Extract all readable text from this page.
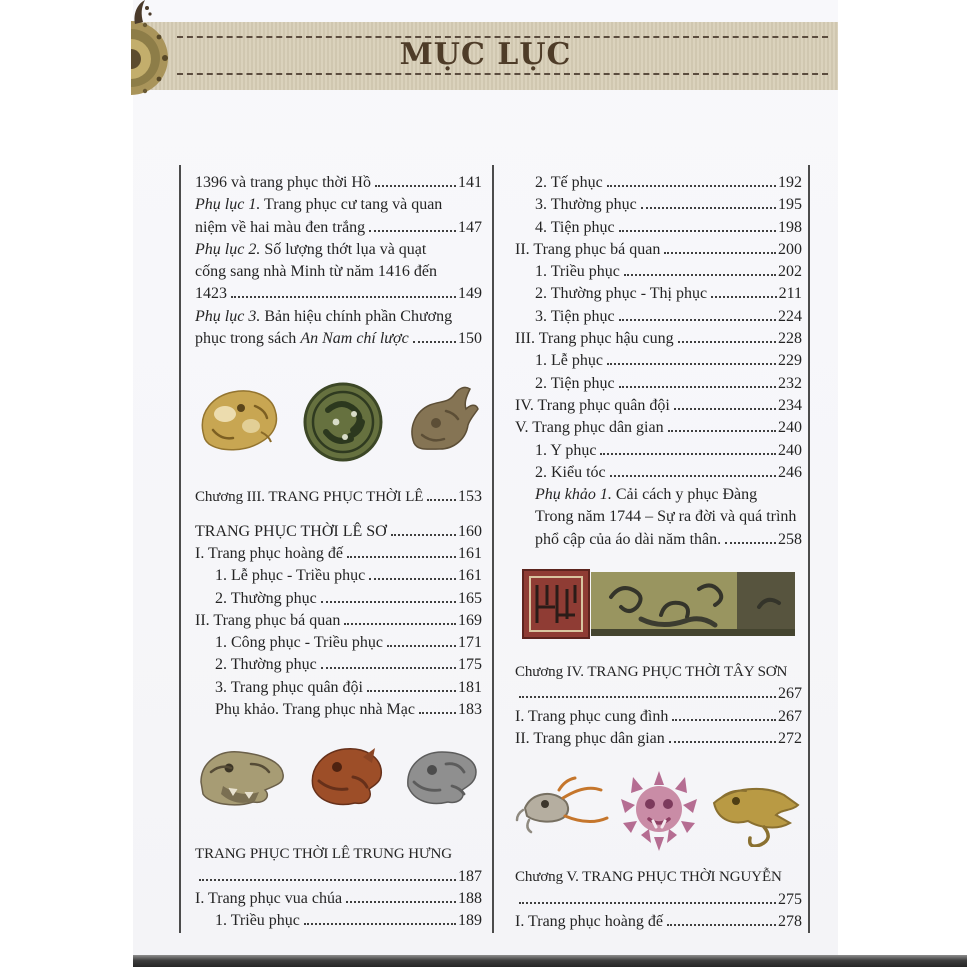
MỤC LỤC
1396 và trang phục thời Hồ	141
Phụ lục 1. Trang phục cư tang và quan
niệm về hai màu đen trắng	147
Phụ lục 2. Số lượng thớt lụa và quạt
cống sang nhà Minh từ năm 1416 đến
1423	149
Phụ lục 3. Bản hiệu chính phần Chương
phục trong sách An Nam chí lược	150
Chương III. TRANG PHỤC THỜI LÊ 153
TRANG PHỤC THỜI LÊ SƠ	160
I. Trang phục hoàng đế	161
1. Lễ phục - Triều phục	161
2. Thường phục	165
II. Trang phục bá quan	169
1. Công phục - Triều phục	171
2. Thường phục	175
3. Trang phục quân đội	181
Phụ khảo. Trang phục nhà Mạc	183
TRANG PHỤC THỜI LÊ TRUNG HƯNG
187
I. Trang phục vua chúa	188
1. Triều phục	189
2. Tế phục	192
3. Thường phục	195
4. Tiện phục	198
II. Trang phục bá quan	200
1. Triều phục	202
2. Thường phục - Thị phục	211
3. Tiện phục	224
III. Trang phục hậu cung	228
1. Lễ phục	229
2. Tiện phục	232
IV. Trang phục quân đội	234
V. Trang phục dân gian	240
1. Y phục	240
2. Kiểu tóc	246
Phụ khảo 1. Cải cách y phục Đàng
Trong năm 1744 – Sự ra đời và quá trình
phổ cập của áo dài năm thân.	258
Chương IV. TRANG PHỤC THỜI TÂY SƠN
267
I. Trang phục cung đình	267
II. Trang phục dân gian	272
Chương V. TRANG PHỤC THỜI NGUYỄN
275
I. Trang phục hoàng đế	278
